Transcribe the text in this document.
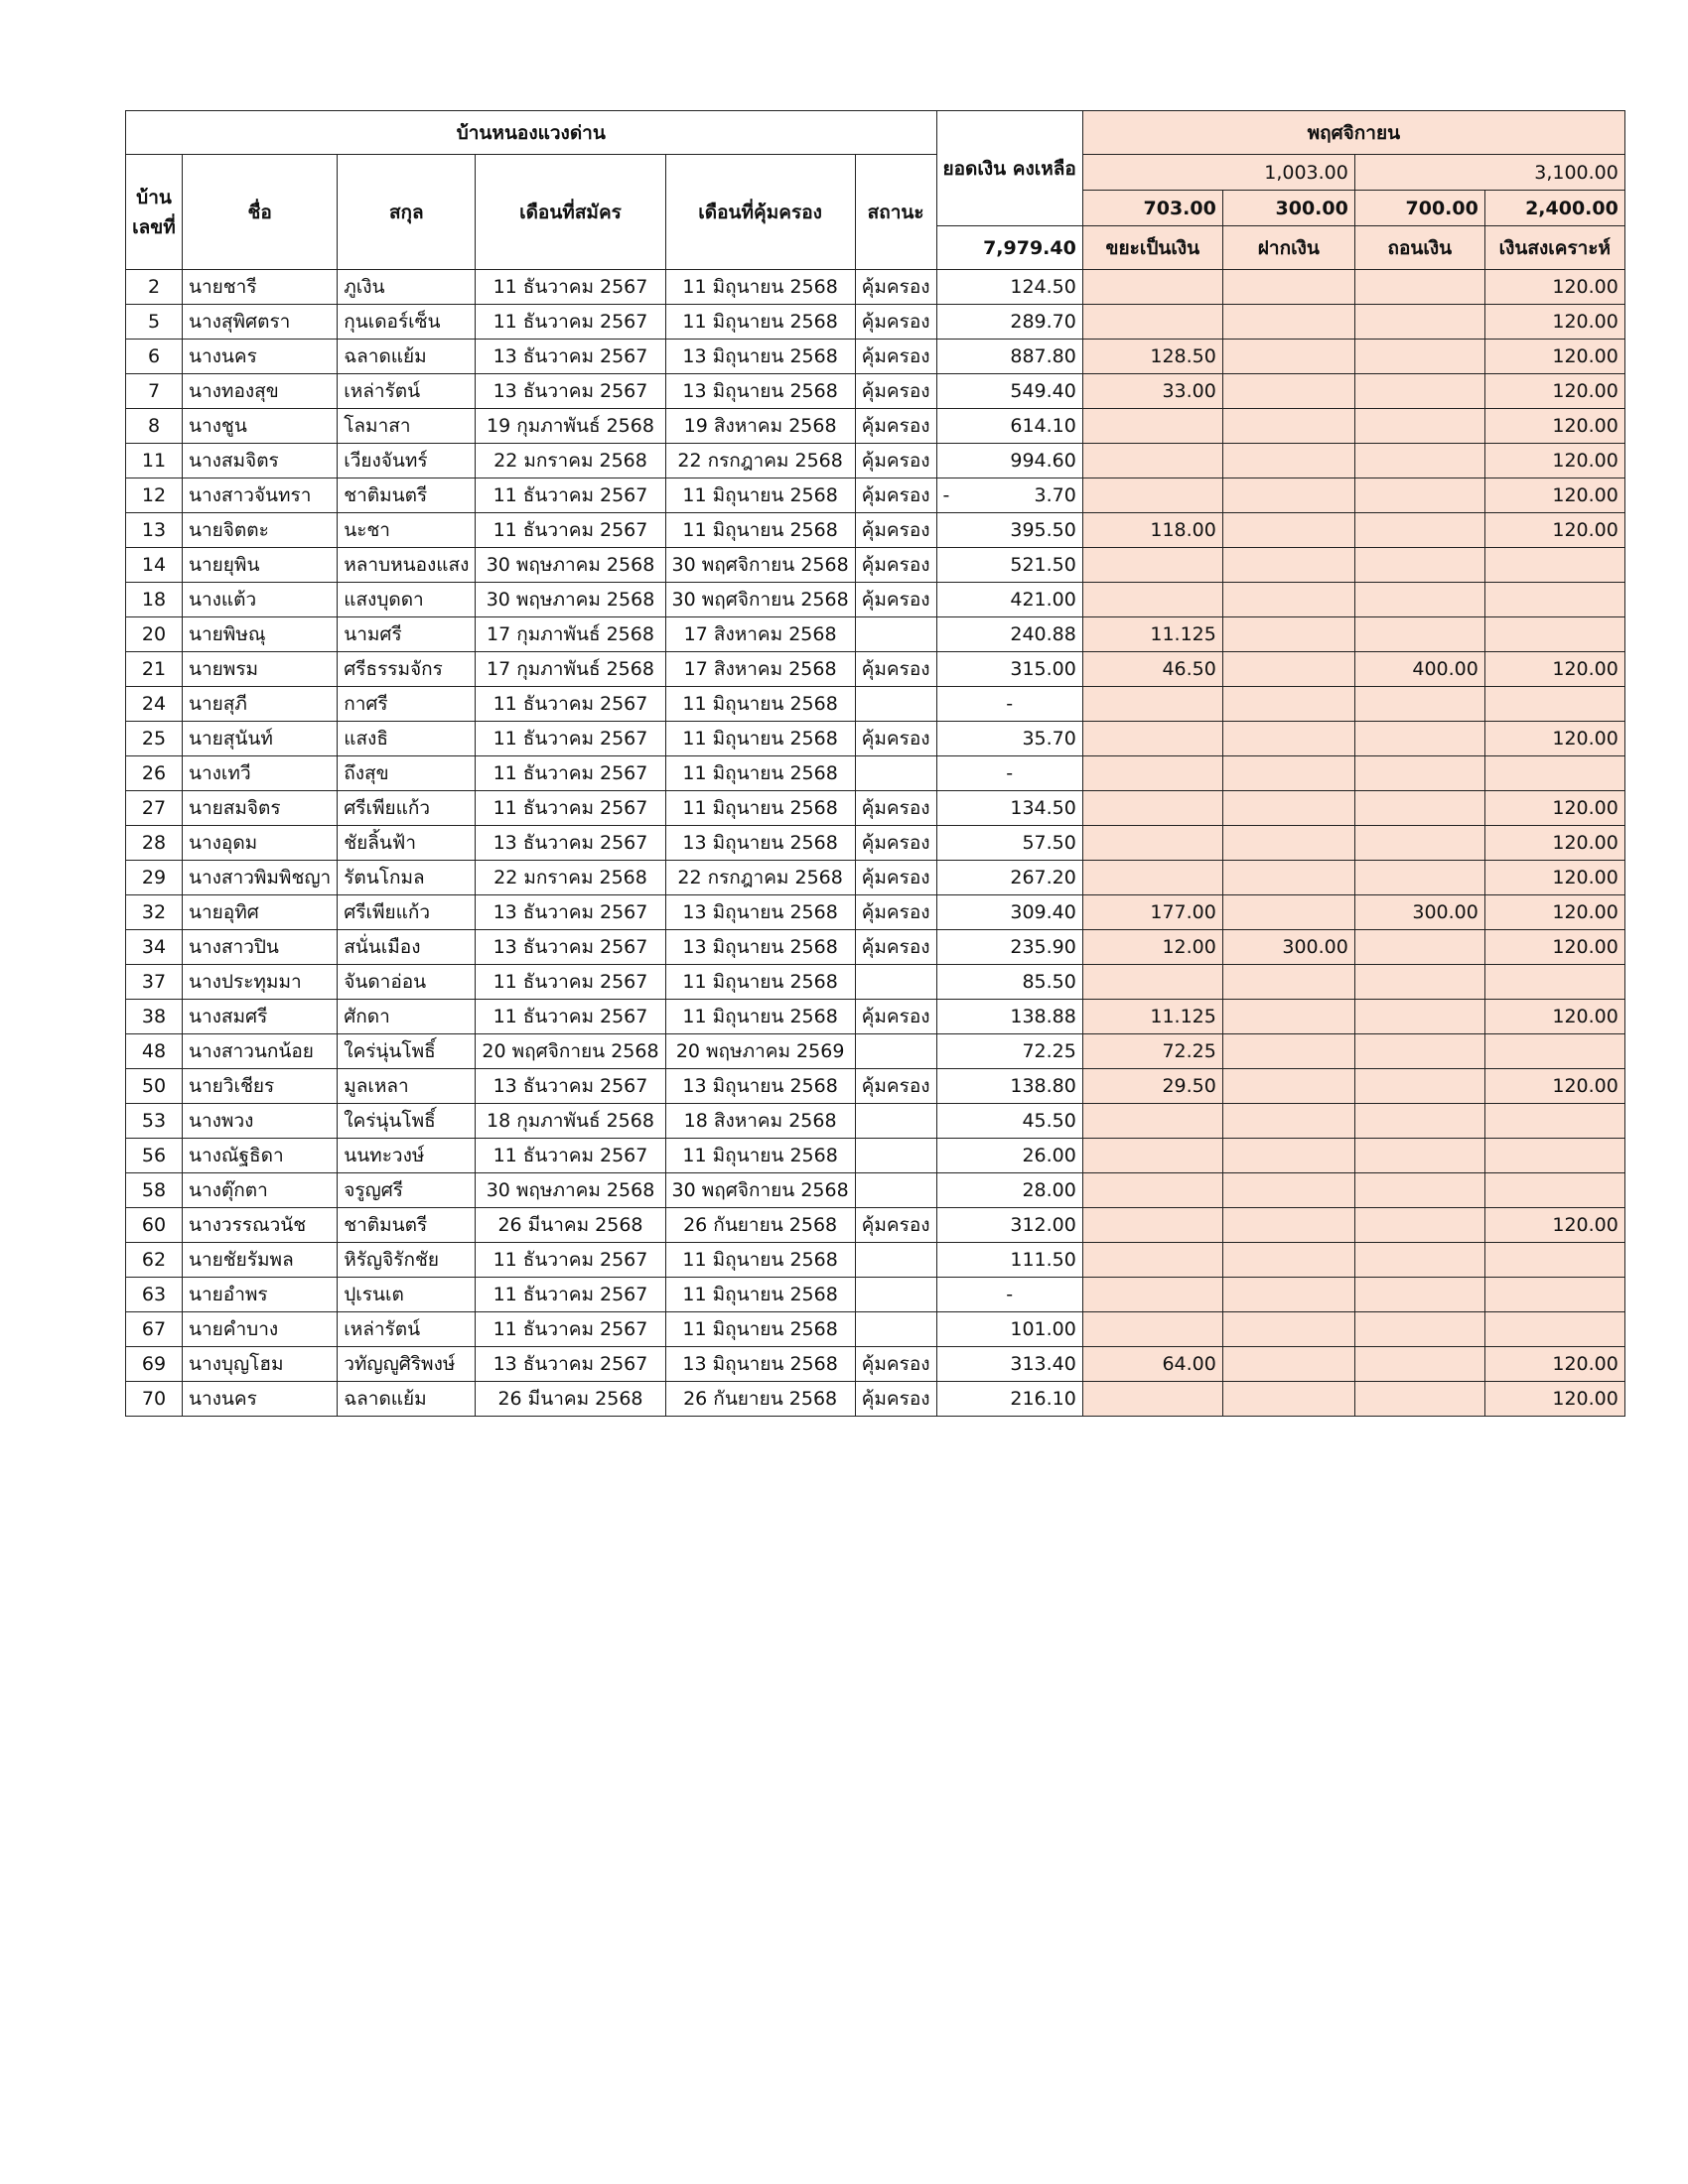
บ้านหนองแวงด่าน						ยอดเงิน คงเหลือ	พฤศจิกายน			
บ้าน เลขที่	ชื่อ	สกุล	เดือนที่สมัคร	เดือนที่คุ้มครอง	สถานะ		1,003.00		3,100.00	
							703.00	300.00	700.00	2,400.00
						7,979.40	ขยะเป็นเงิน	ฝากเงิน	ถอนเงิน	เงินสงเคราะห์
2	นายชารี	ภูเงิน	11 ธันวาคม 2567	11 มิถุนายน 2568	คุ้มครอง	124.50				120.00
5	นางสุพิศตรา	กุนเดอร์เซ็น	11 ธันวาคม 2567	11 มิถุนายน 2568	คุ้มครอง	289.70				120.00
6	นางนคร	ฉลาดแย้ม	13 ธันวาคม 2567	13 มิถุนายน 2568	คุ้มครอง	887.80	128.50			120.00
7	นางทองสุข	เหล่ารัตน์	13 ธันวาคม 2567	13 มิถุนายน 2568	คุ้มครอง	549.40	33.00			120.00
8	นางชูน	โลมาสา	19 กุมภาพันธ์ 2568	19 สิงหาคม 2568	คุ้มครอง	614.10				120.00
11	นางสมจิตร	เวียงจันทร์	22 มกราคม 2568	22 กรกฎาคม 2568	คุ้มครอง	994.60				120.00
12	นางสาวจันทรา	ชาติมนตรี	11 ธันวาคม 2567	11 มิถุนายน 2568	คุ้มครอง	- 3.70				120.00
13	นายจิตตะ	นะชา	11 ธันวาคม 2567	11 มิถุนายน 2568	คุ้มครอง	395.50	118.00			120.00
14	นายยุพิน	หลาบหนองแสง	30 พฤษภาคม 2568	30 พฤศจิกายน 2568	คุ้มครอง	521.50				
18	นางแต้ว	แสงบุดดา	30 พฤษภาคม 2568	30 พฤศจิกายน 2568	คุ้มครอง	421.00				
20	นายพิษณุ	นามศรี	17 กุมภาพันธ์ 2568	17 สิงหาคม 2568		240.88	11.125			
21	นายพรม	ศรีธรรมจักร	17 กุมภาพันธ์ 2568	17 สิงหาคม 2568	คุ้มครอง	315.00	46.50		400.00	120.00
24	นายสุภี	กาศรี	11 ธันวาคม 2567	11 มิถุนายน 2568		-				
25	นายสุนันท์	แสงธิ	11 ธันวาคม 2567	11 มิถุนายน 2568	คุ้มครอง	35.70				120.00
26	นางเทวี	ถึงสุข	11 ธันวาคม 2567	11 มิถุนายน 2568		-				
27	นายสมจิตร	ศรีเพียแก้ว	11 ธันวาคม 2567	11 มิถุนายน 2568	คุ้มครอง	134.50				120.00
28	นางอุดม	ชัยลิ้นฟ้า	13 ธันวาคม 2567	13 มิถุนายน 2568	คุ้มครอง	57.50				120.00
29	นางสาวพิมพิชญา	รัตนโกมล	22 มกราคม 2568	22 กรกฎาคม 2568	คุ้มครอง	267.20				120.00
32	นายอุทิศ	ศรีเพียแก้ว	13 ธันวาคม 2567	13 มิถุนายน 2568	คุ้มครอง	309.40	177.00		300.00	120.00
34	นางสาวปิน	สนั่นเมือง	13 ธันวาคม 2567	13 มิถุนายน 2568	คุ้มครอง	235.90	12.00	300.00		120.00
37	นางประทุมมา	จันดาอ่อน	11 ธันวาคม 2567	11 มิถุนายน 2568		85.50				
38	นางสมศรี	ศักดา	11 ธันวาคม 2567	11 มิถุนายน 2568	คุ้มครอง	138.88	11.125			120.00
48	นางสาวนกน้อย	ใคร่นุ่นโพธิ์	20 พฤศจิกายน 2568	20 พฤษภาคม 2569		72.25	72.25			
50	นายวิเชียร	มูลเหลา	13 ธันวาคม 2567	13 มิถุนายน 2568	คุ้มครอง	138.80	29.50			120.00
53	นางพวง	ใคร่นุ่นโพธิ์	18 กุมภาพันธ์ 2568	18 สิงหาคม 2568		45.50				
56	นางณัฐธิดา	นนทะวงษ์	11 ธันวาคม 2567	11 มิถุนายน 2568		26.00				
58	นางตุ๊กตา	จรูญศรี	30 พฤษภาคม 2568	30 พฤศจิกายน 2568		28.00				
60	นางวรรณวนัช	ชาติมนตรี	26 มีนาคม 2568	26 กันยายน 2568	คุ้มครอง	312.00				120.00
62	นายชัยรัมพล	หิรัญจิรักชัย	11 ธันวาคม 2567	11 มิถุนายน 2568		111.50				
63	นายอำพร	ปุเรนเต	11 ธันวาคม 2567	11 มิถุนายน 2568		-				
67	นายคำบาง	เหล่ารัตน์	11 ธันวาคม 2567	11 มิถุนายน 2568		101.00				
69	นางบุญโฮม	วทัญญูศิริพงษ์	13 ธันวาคม 2567	13 มิถุนายน 2568	คุ้มครอง	313.40	64.00			120.00
70	นางนคร	ฉลาดแย้ม	26 มีนาคม 2568	26 กันยายน 2568	คุ้มครอง	216.10				120.00
